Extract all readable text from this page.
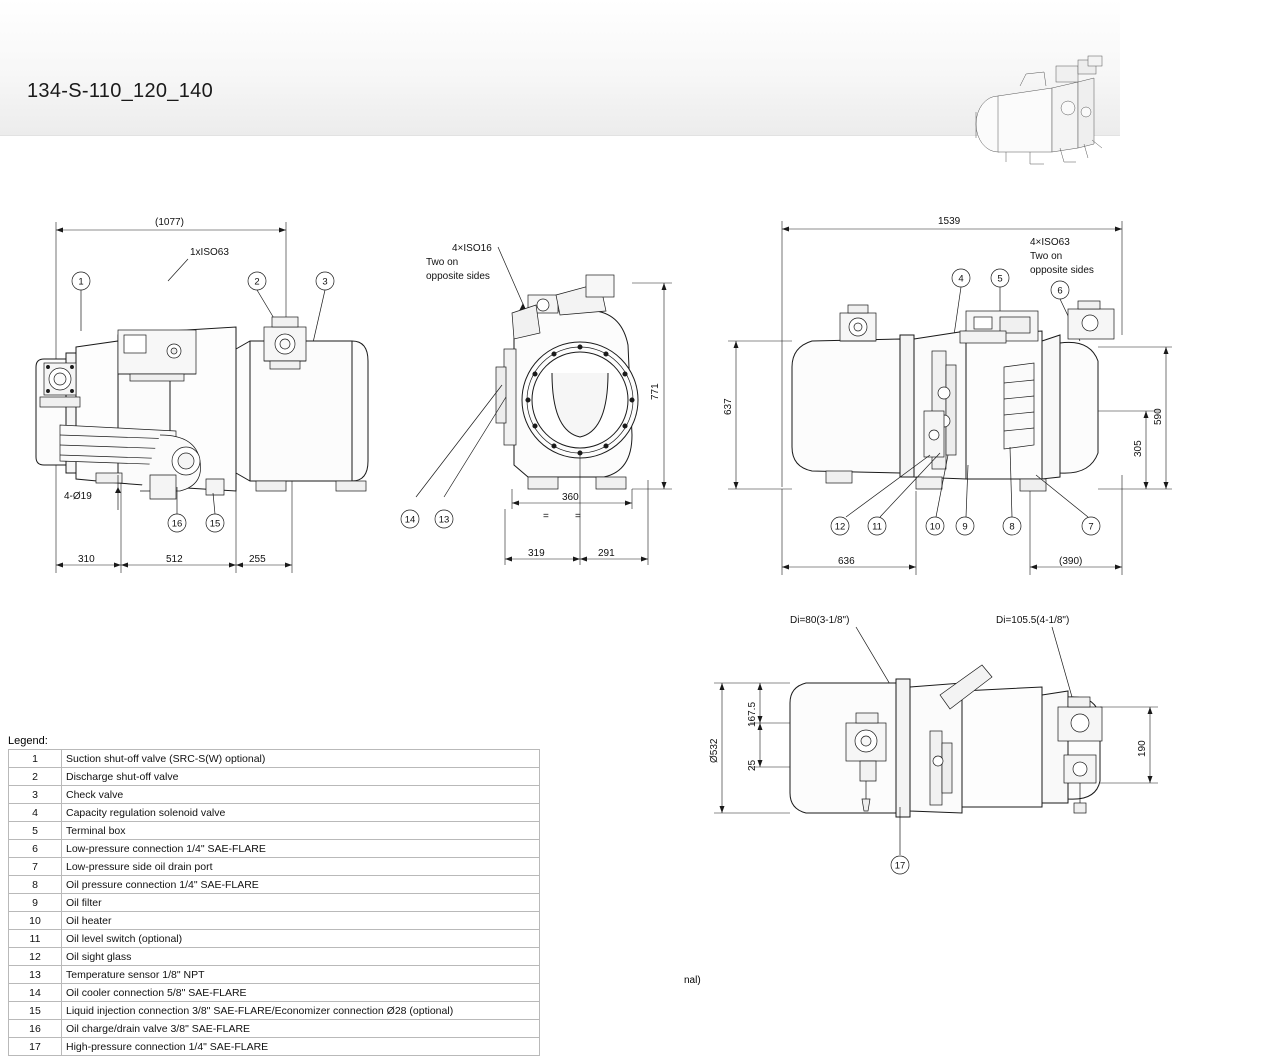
134-S-110_120_140
(1077)
1xISO63
1	2	3
4-Ø19
16	15
310	512	255
4×ISO16
Two on
opposite sides
14 13
771
360
=	=
319	291
1539
4×ISO63
Two on
opposite sides
4	5
6
12	11	10 9	8	7
637
590
305
636	(390)
Di=80(3-1/8")	Di=105.5(4-1/8")
17
Ø532
167.5
25
190
nal)
Legend:
1	Suction shut-off valve (SRC-S(W) optional)
2	Discharge shut-off valve
3	Check valve
4	Capacity regulation solenoid valve
5	Terminal box
6	Low-pressure connection 1/4" SAE-FLARE
7	Low-pressure side oil drain port
8	Oil pressure connection 1/4" SAE-FLARE
9	Oil filter
10	Oil heater
11	Oil level switch (optional)
12	Oil sight glass
13	Temperature sensor 1/8" NPT
14	Oil cooler connection 5/8" SAE-FLARE
15	Liquid injection connection 3/8" SAE-FLARE/Economizer connection Ø28 (optional)
16	Oil charge/drain valve 3/8" SAE-FLARE
17	High-pressure connection 1/4" SAE-FLARE
